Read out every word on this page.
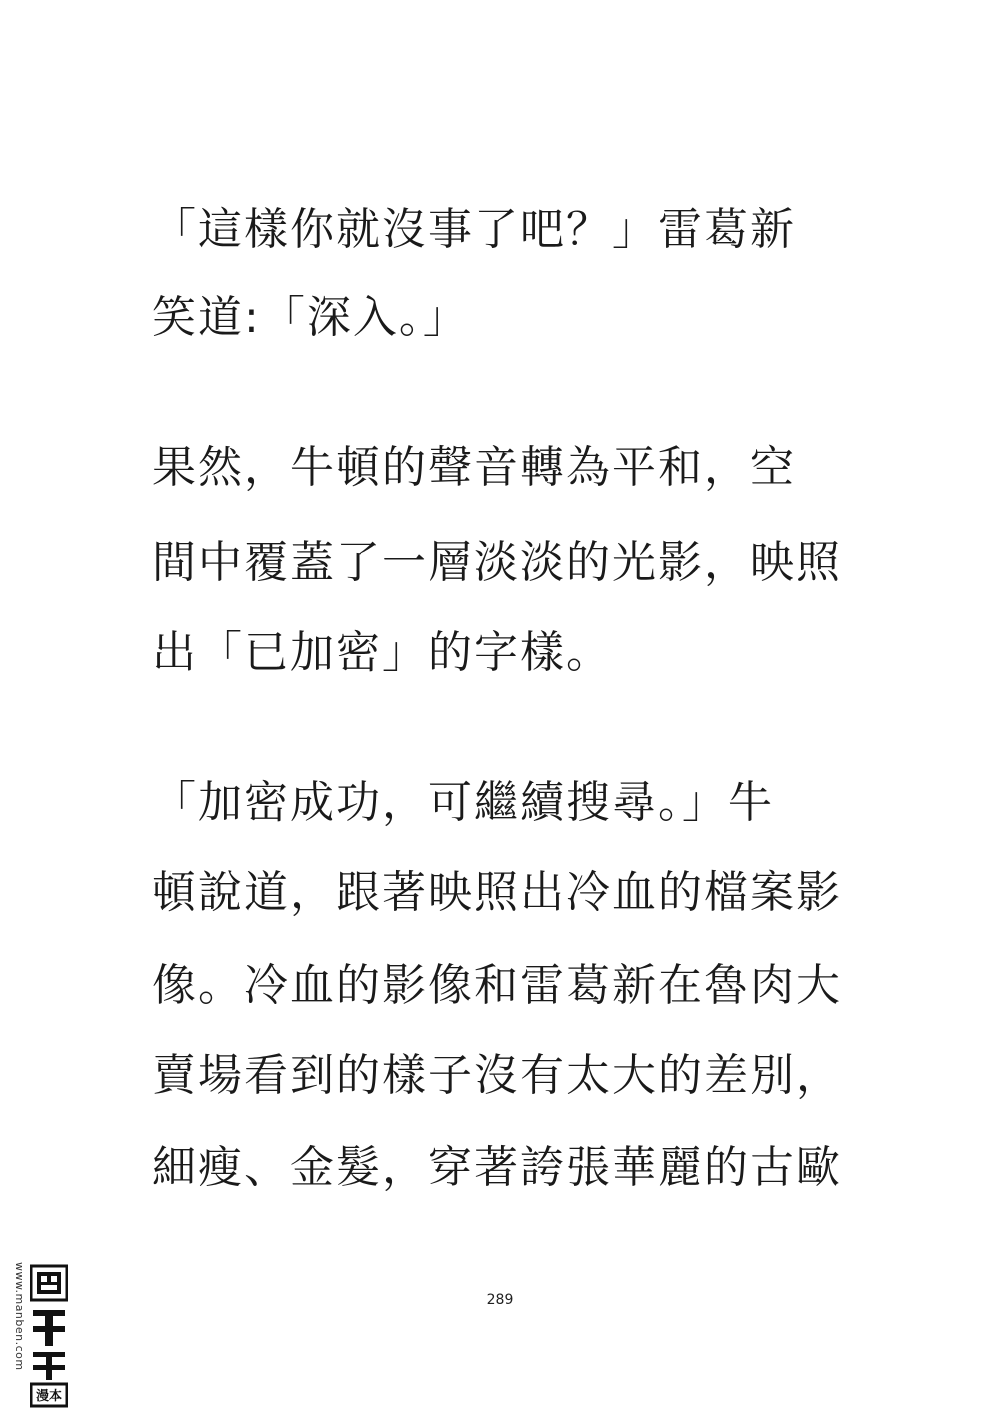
「這樣你就沒事了吧？」雷葛新
笑道:「深入。」
果然，牛頓的聲音轉為平和，空
間中覆蓋了一層淡淡的光影，映照
出「已加密」的字樣。
「加密成功，可繼續搜尋。」牛
頓說道，跟著映照出冷血的檔案影
像。冷血的影像和雷葛新在魯肉大
賣場看到的樣子沒有太大的差別，
細瘦、金髮，穿著誇張華麗的古歐
289
www.manben.com
漫本
